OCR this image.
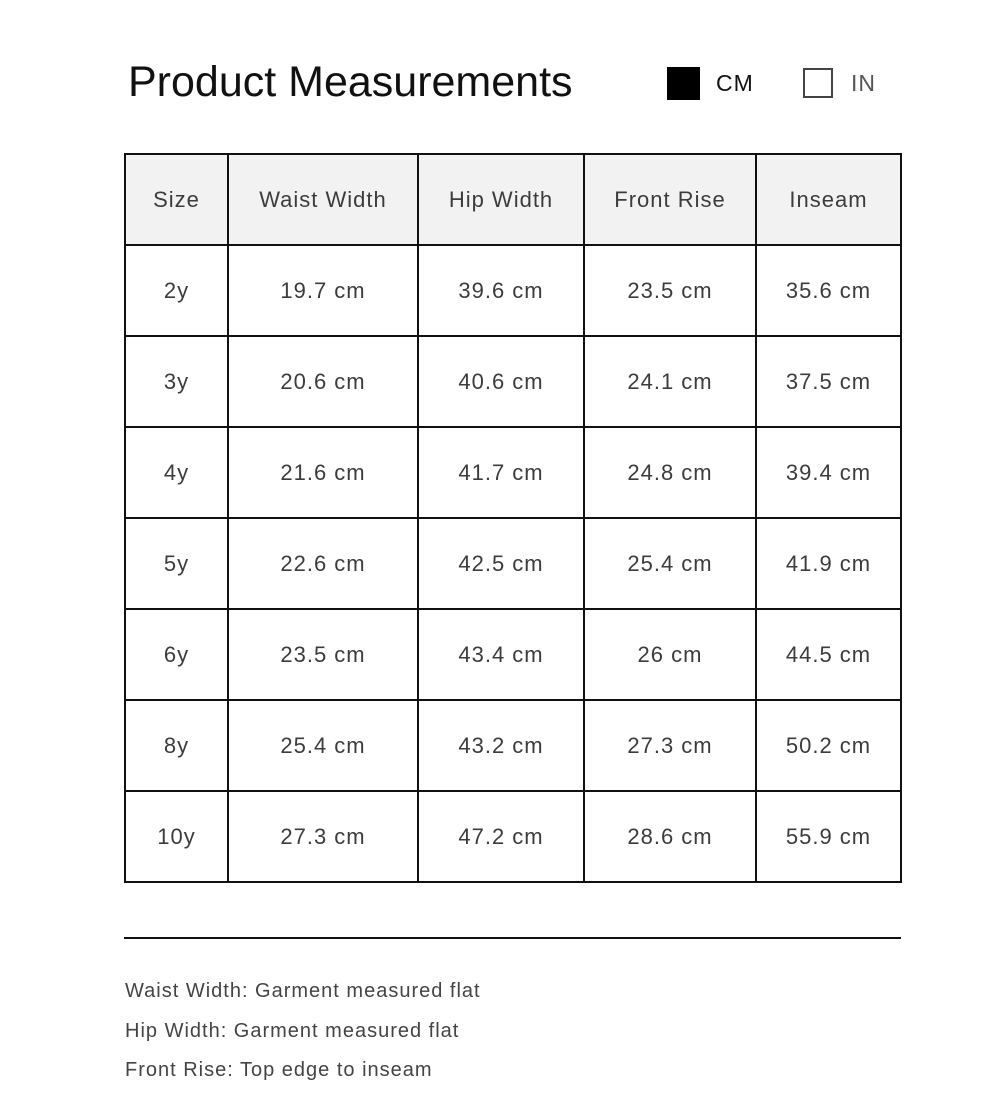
Product Measurements	CM	IN
Size	Waist Width	Hip Width	Front Rise	Inseam
2y	19.7 cm	39.6 cm	23.5 cm	35.6 cm
3y	20.6 cm	40.6 cm	24.1 cm	37.5 cm
4y	21.6 cm	41.7 cm	24.8 cm	39.4 cm
5y	22.6 cm	42.5 cm	25.4 cm	41.9 cm
6y	23.5 cm	43.4 cm	26 cm	44.5 cm
8y	25.4 cm	43.2 cm	27.3 cm	50.2 cm
10y	27.3 cm	47.2 cm	28.6 cm	55.9 cm
Waist Width: Garment measured flat
Hip Width: Garment measured flat
Front Rise: Top edge to inseam
